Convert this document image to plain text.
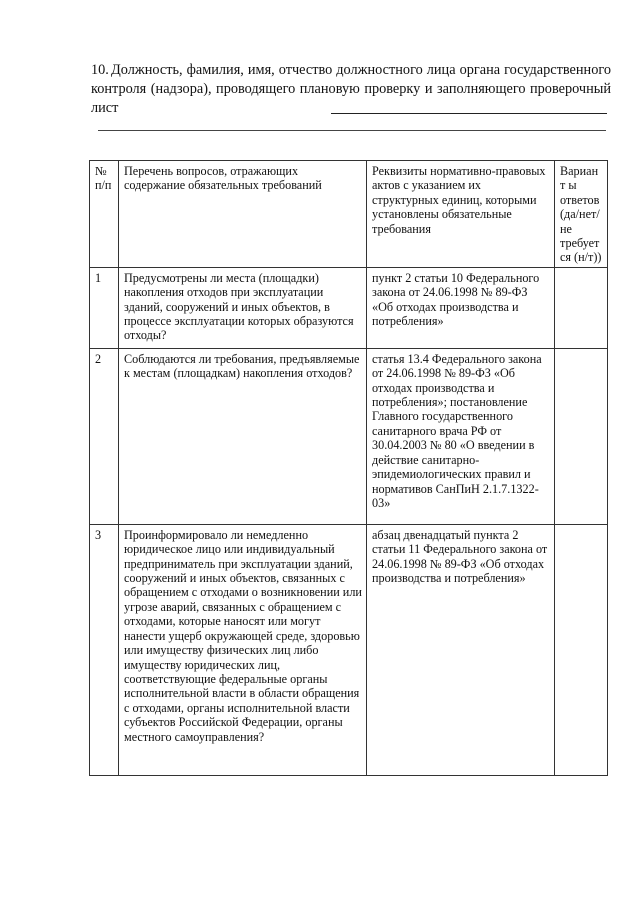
10. Должность, фамилия, имя, отчество должностного лица органа государственного контроля (надзора), проводящего плановую проверку и заполняющего проверочный лист
№ п/п	Перечень вопросов, отражающих содержание обязательных требований	Реквизиты нормативно-правовых актов с указанием их структурных единиц, которыми установлены обязательные требования	Вариант ы ответов (да/нет/ не требует ся (н/т))
1	Предусмотрены ли места (площадки) накопления отходов при эксплуатации зданий, сооружений и иных объектов, в процессе эксплуатации которых образуются отходы?	пункт 2 статьи 10 Федерального закона от 24.06.1998 № 89-ФЗ «Об отходах производства и потребления»	
2	Соблюдаются ли требования, предъявляемые к местам (площадкам) накопления отходов?	статья 13.4 Федерального закона от 24.06.1998 № 89-ФЗ «Об отходах производства и потребления»; постановление Главного государственного санитарного врача РФ от 30.04.2003 № 80 «О введении в действие санитарно-эпидемиологических правил и нормативов СанПиН 2.1.7.1322-03»	
3	Проинформировало ли немедленно юридическое лицо или индивидуальный предприниматель при эксплуатации зданий, сооружений и иных объектов, связанных с обращением с отходами о возникновении или угрозе аварий, связанных с обращением с отходами, которые наносят или могут нанести ущерб окружающей среде, здоровью или имуществу физических лиц либо имуществу юридических лиц, соответствующие федеральные органы исполнительной власти в области обращения с отходами, органы исполнительной власти субъектов Российской Федерации, органы местного самоуправления?	абзац двенадцатый пункта 2 статьи 11 Федерального закона от 24.06.1998 № 89-ФЗ «Об отходах производства и потребления»	
